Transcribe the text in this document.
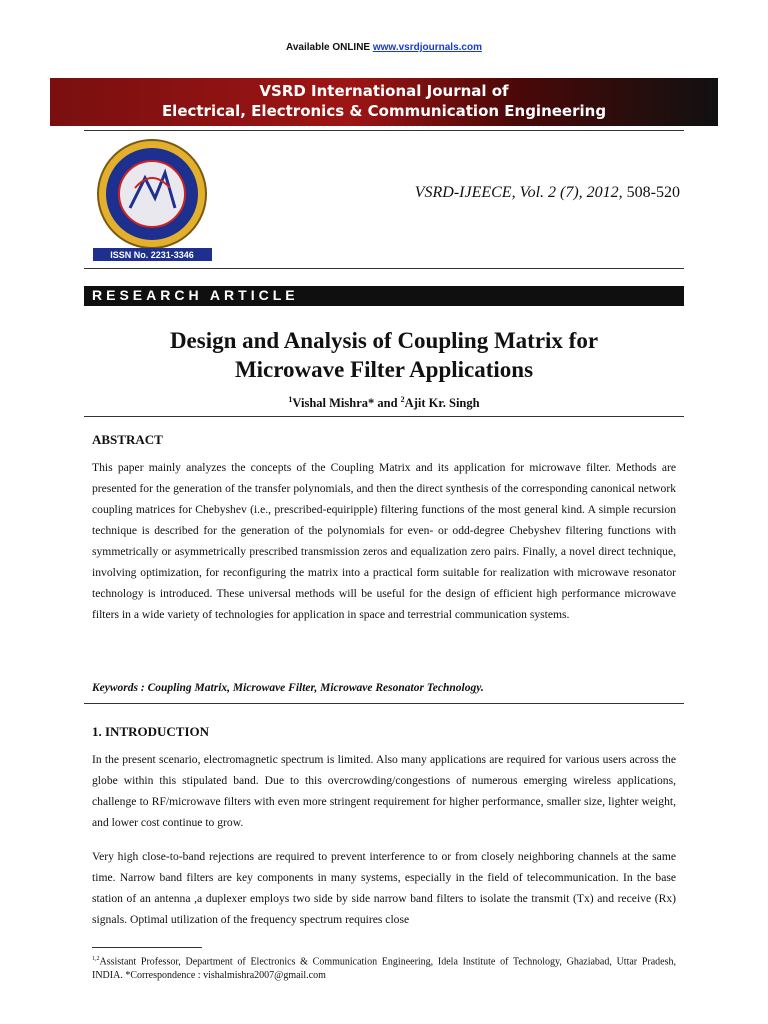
Available ONLINE www.vsrdjournals.com
VSRD International Journal of
Electrical, Electronics & Communication Engineering
ISSN No. 2231-3346
VSRD-IJEECE, Vol. 2 (7), 2012, 508-520
RESEARCH ARTICLE
Design and Analysis of Coupling Matrix for
Microwave Filter Applications
$^1$Vishal Mishra* and $^2$Ajit Kr. Singh
ABSTRACT
This paper mainly analyzes the concepts of the Coupling Matrix and its application for microwave filter. Methods are presented for the generation of the transfer polynomials, and then the direct synthesis of the corresponding canonical network coupling matrices for Chebyshev (i.e., prescribed-equiripple) filtering functions of the most general kind. A simple recursion technique is described for the generation of the polynomials for even- or odd-degree Chebyshev filtering functions with symmetrically or asymmetrically prescribed transmission zeros and equalization zero pairs. Finally, a novel direct technique, involving optimization, for reconfiguring the matrix into a practical form suitable for realization with microwave resonator technology is introduced. These universal methods will be useful for the design of efficient high performance microwave filters in a wide variety of technologies for application in space and terrestrial communication systems.
Keywords : Coupling Matrix, Microwave Filter, Microwave Resonator Technology.
1. INTRODUCTION
In the present scenario, electromagnetic spectrum is limited. Also many applications are required for various users across the globe within this stipulated band. Due to this overcrowding/congestions of numerous emerging wireless applications, challenge to RF/microwave filters with even more stringent requirement for higher performance, smaller size, lighter weight, and lower cost continue to grow.
Very high close-to-band rejections are required to prevent interference to or from closely neighboring channels at the same time. Narrow band filters are key components in many systems, especially in the field of telecommunication. In the base station of an antenna ,a duplexer employs two side by side narrow band filters to isolate the transmit (Tx) and receive (Rx) signals. Optimal utilization of the frequency spectrum requires close
$^{1,2}$Assistant Professor, Department of Electronics & Communication Engineering, Idela Institute of Technology, Ghaziabad, Uttar Pradesh, INDIA. *Correspondence : vishalmishra2007@gmail.com
